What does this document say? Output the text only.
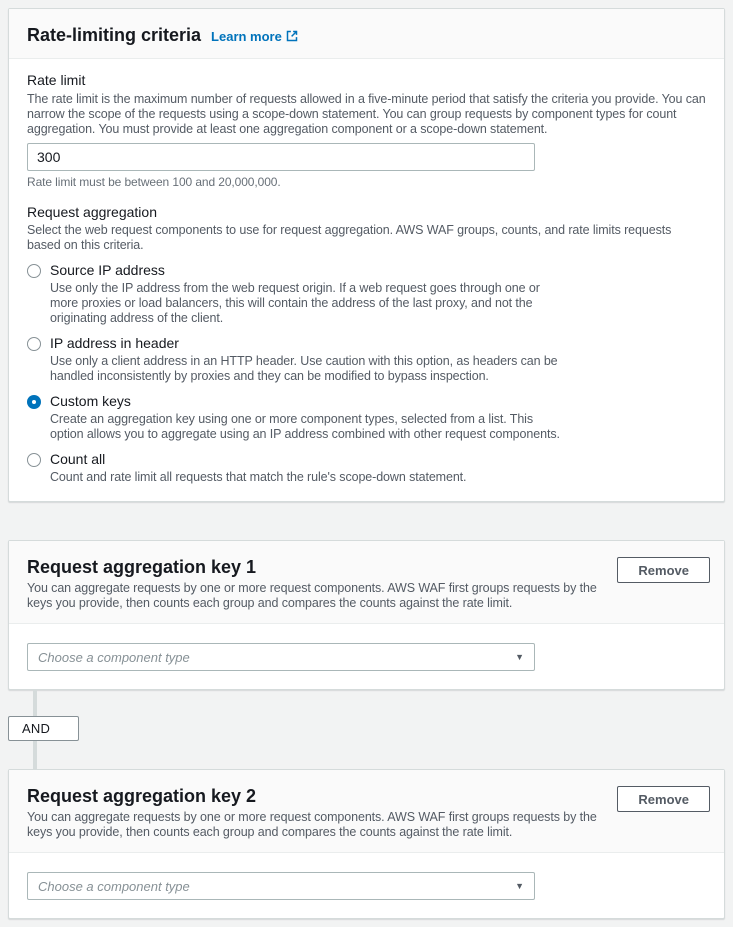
Rate-limiting criteria Learn more
Rate limit
The rate limit is the maximum number of requests allowed in a five-minute period that satisfy the criteria you provide. You can narrow the scope of the requests using a scope-down statement. You can group requests by component types for count aggregation. You must provide at least one aggregation component or a scope-down statement.
300
Rate limit must be between 100 and 20,000,000.
Request aggregation
Select the web request components to use for request aggregation. AWS WAF groups, counts, and rate limits requests based on this criteria.
Source IP address
Use only the IP address from the web request origin. If a web request goes through one or more proxies or load balancers, this will contain the address of the last proxy, and not the originating address of the client.
IP address in header
Use only a client address in an HTTP header. Use caution with this option, as headers can be handled inconsistently by proxies and they can be modified to bypass inspection.
Custom keys
Create an aggregation key using one or more component types, selected from a list. This option allows you to aggregate using an IP address combined with other request components.
Count all
Count and rate limit all requests that match the rule's scope-down statement.
Request aggregation key 1
You can aggregate requests by one or more request components. AWS WAF first groups requests by the keys you provide, then counts each group and compares the counts against the rate limit.
Remove
Choose a component type	▼
AND
Request aggregation key 2
You can aggregate requests by one or more request components. AWS WAF first groups requests by the keys you provide, then counts each group and compares the counts against the rate limit.
Remove
Choose a component type	▼
